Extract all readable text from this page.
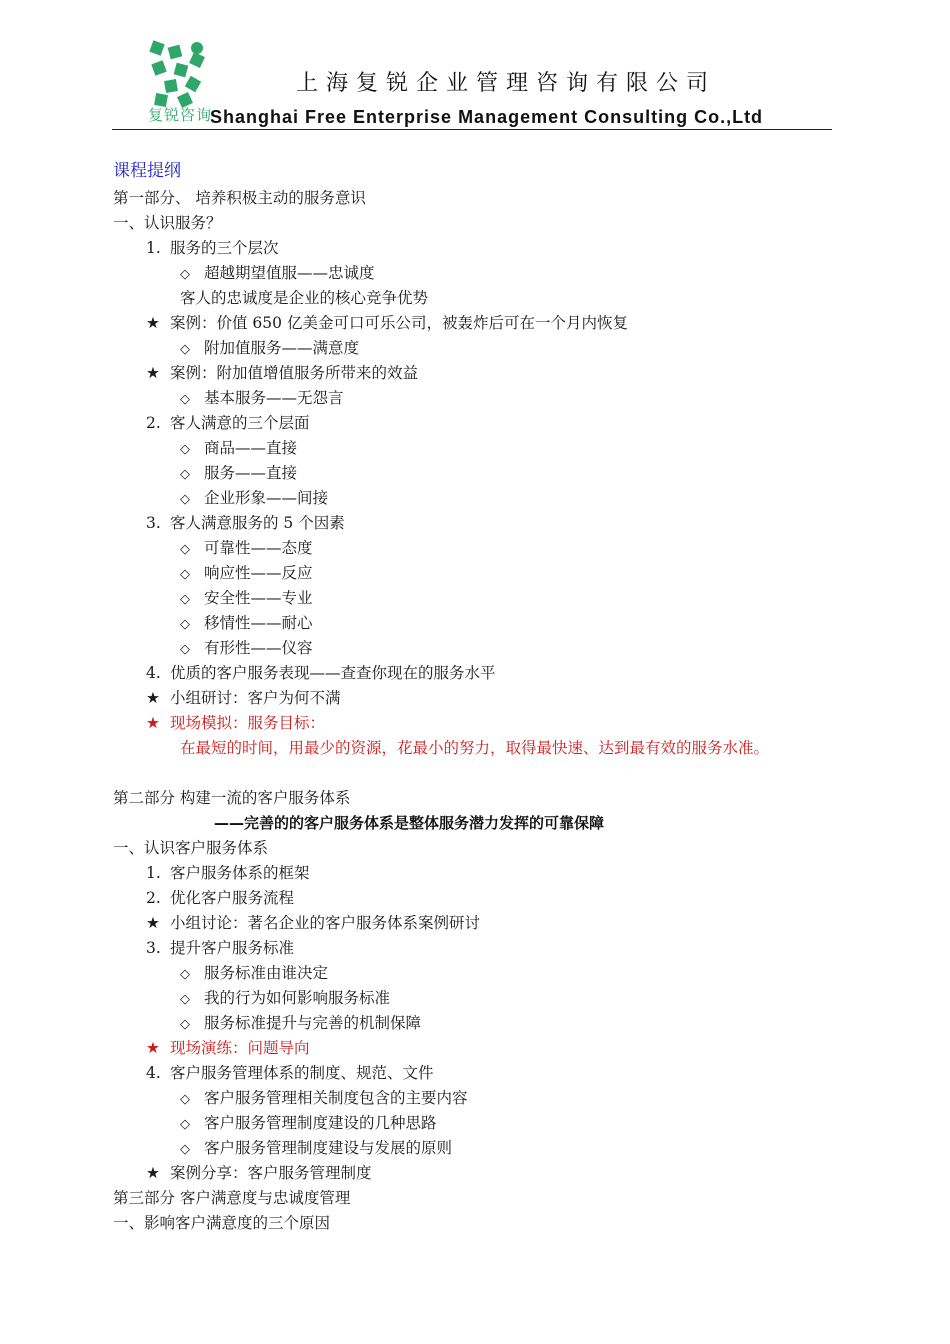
复锐咨询
上海复锐企业管理咨询有限公司
Shanghai Free Enterprise Management Consulting Co.,Ltd
课程提纲
第一部分、 培养积极主动的服务意识
一、认识服务？
1. 服务的三个层次
◇ 超越期望值服——忠诚度
客人的忠诚度是企业的核心竞争优势
★ 案例：价值 650 亿美金可口可乐公司，被轰炸后可在一个月内恢复
◇ 附加值服务——满意度
★ 案例：附加值增值服务所带来的效益
◇ 基本服务——无怨言
2. 客人满意的三个层面
◇ 商品——直接
◇ 服务——直接
◇ 企业形象——间接
3. 客人满意服务的 5 个因素
◇ 可靠性——态度
◇ 响应性——反应
◇ 安全性——专业
◇ 移情性——耐心
◇ 有形性——仪容
4. 优质的客户服务表现——查查你现在的服务水平
★ 小组研讨：客户为何不满
★ 现场模拟：服务目标：
在最短的时间，用最少的资源，花最小的努力，取得最快速、达到最有效的服务水准。
第二部分 构建一流的客户服务体系
——完善的的客户服务体系是整体服务潜力发挥的可靠保障
一、认识客户服务体系
1. 客户服务体系的框架
2. 优化客户服务流程
★ 小组讨论：著名企业的客户服务体系案例研讨
3. 提升客户服务标准
◇ 服务标准由谁决定
◇ 我的行为如何影响服务标准
◇ 服务标准提升与完善的机制保障
★ 现场演练：问题导向
4. 客户服务管理体系的制度、规范、文件
◇ 客户服务管理相关制度包含的主要内容
◇ 客户服务管理制度建设的几种思路
◇ 客户服务管理制度建设与发展的原则
★ 案例分享：客户服务管理制度
第三部分 客户满意度与忠诚度管理
一、影响客户满意度的三个原因
